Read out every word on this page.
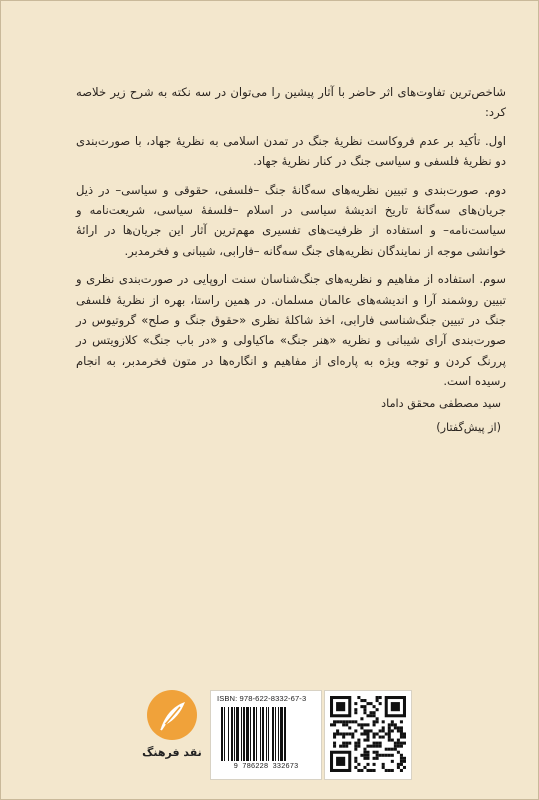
شاخص‌ترین تفاوت‌های اثر حاضر با آثار پیشین را می‌توان در سه نکته به شرح زیر خلاصه کرد:

اول. تأکید بر عدم فروکاست نظریهٔ جنگ در تمدن اسلامی به نظریهٔ جهاد، با صورت‌بندی دو نظریهٔ فلسفی و سیاسی جنگ در کنار نظریهٔ جهاد.

دوم. صورت‌بندی و تبیین نظریه‌های سه‌گانهٔ جنگ –فلسفی، حقوقی و سیاسی– در ذیل جریان‌های سه‌گانهٔ تاریخ اندیشهٔ سیاسی در اسلام –فلسفهٔ سیاسی، شریعت‌نامه و سیاست‌نامه– و استفاده از ظرفیت‌های تفسیری مهم‌ترین آثار این جریان‌ها در ارائهٔ خوانشی موجه از نمایندگان نظریه‌های جنگ سه‌گانه –فارابی، شیبانی و فخرمدبر.

سوم. استفاده از مفاهیم و نظریه‌های جنگ‌شناسان سنت اروپایی در صورت‌بندی نظری و تبیین روشمند آرا و اندیشه‌های عالمان مسلمان. در همین راستا، بهره از نظریهٔ فلسفی جنگ در تبیین جنگ‌شناسی فارابی، اخذ شاکلهٔ نظری «حقوق جنگ و صلح» گروتیوس در صورت‌بندی آرای شیبانی و نظریه «هنر جنگ» ماکیاولی و «در باب جنگ» کلازویتس در پررنگ کردن و توجه ویژه به پاره‌ای از مفاهیم و انگاره‌ها در متون فخرمدبر، به انجام رسیده است.

سید مصطفی محقق داماد
(از پیش‌گفتار)
نقد فرهنگ
ISBN: 978-622-8332-67-3
9 786228 332673
